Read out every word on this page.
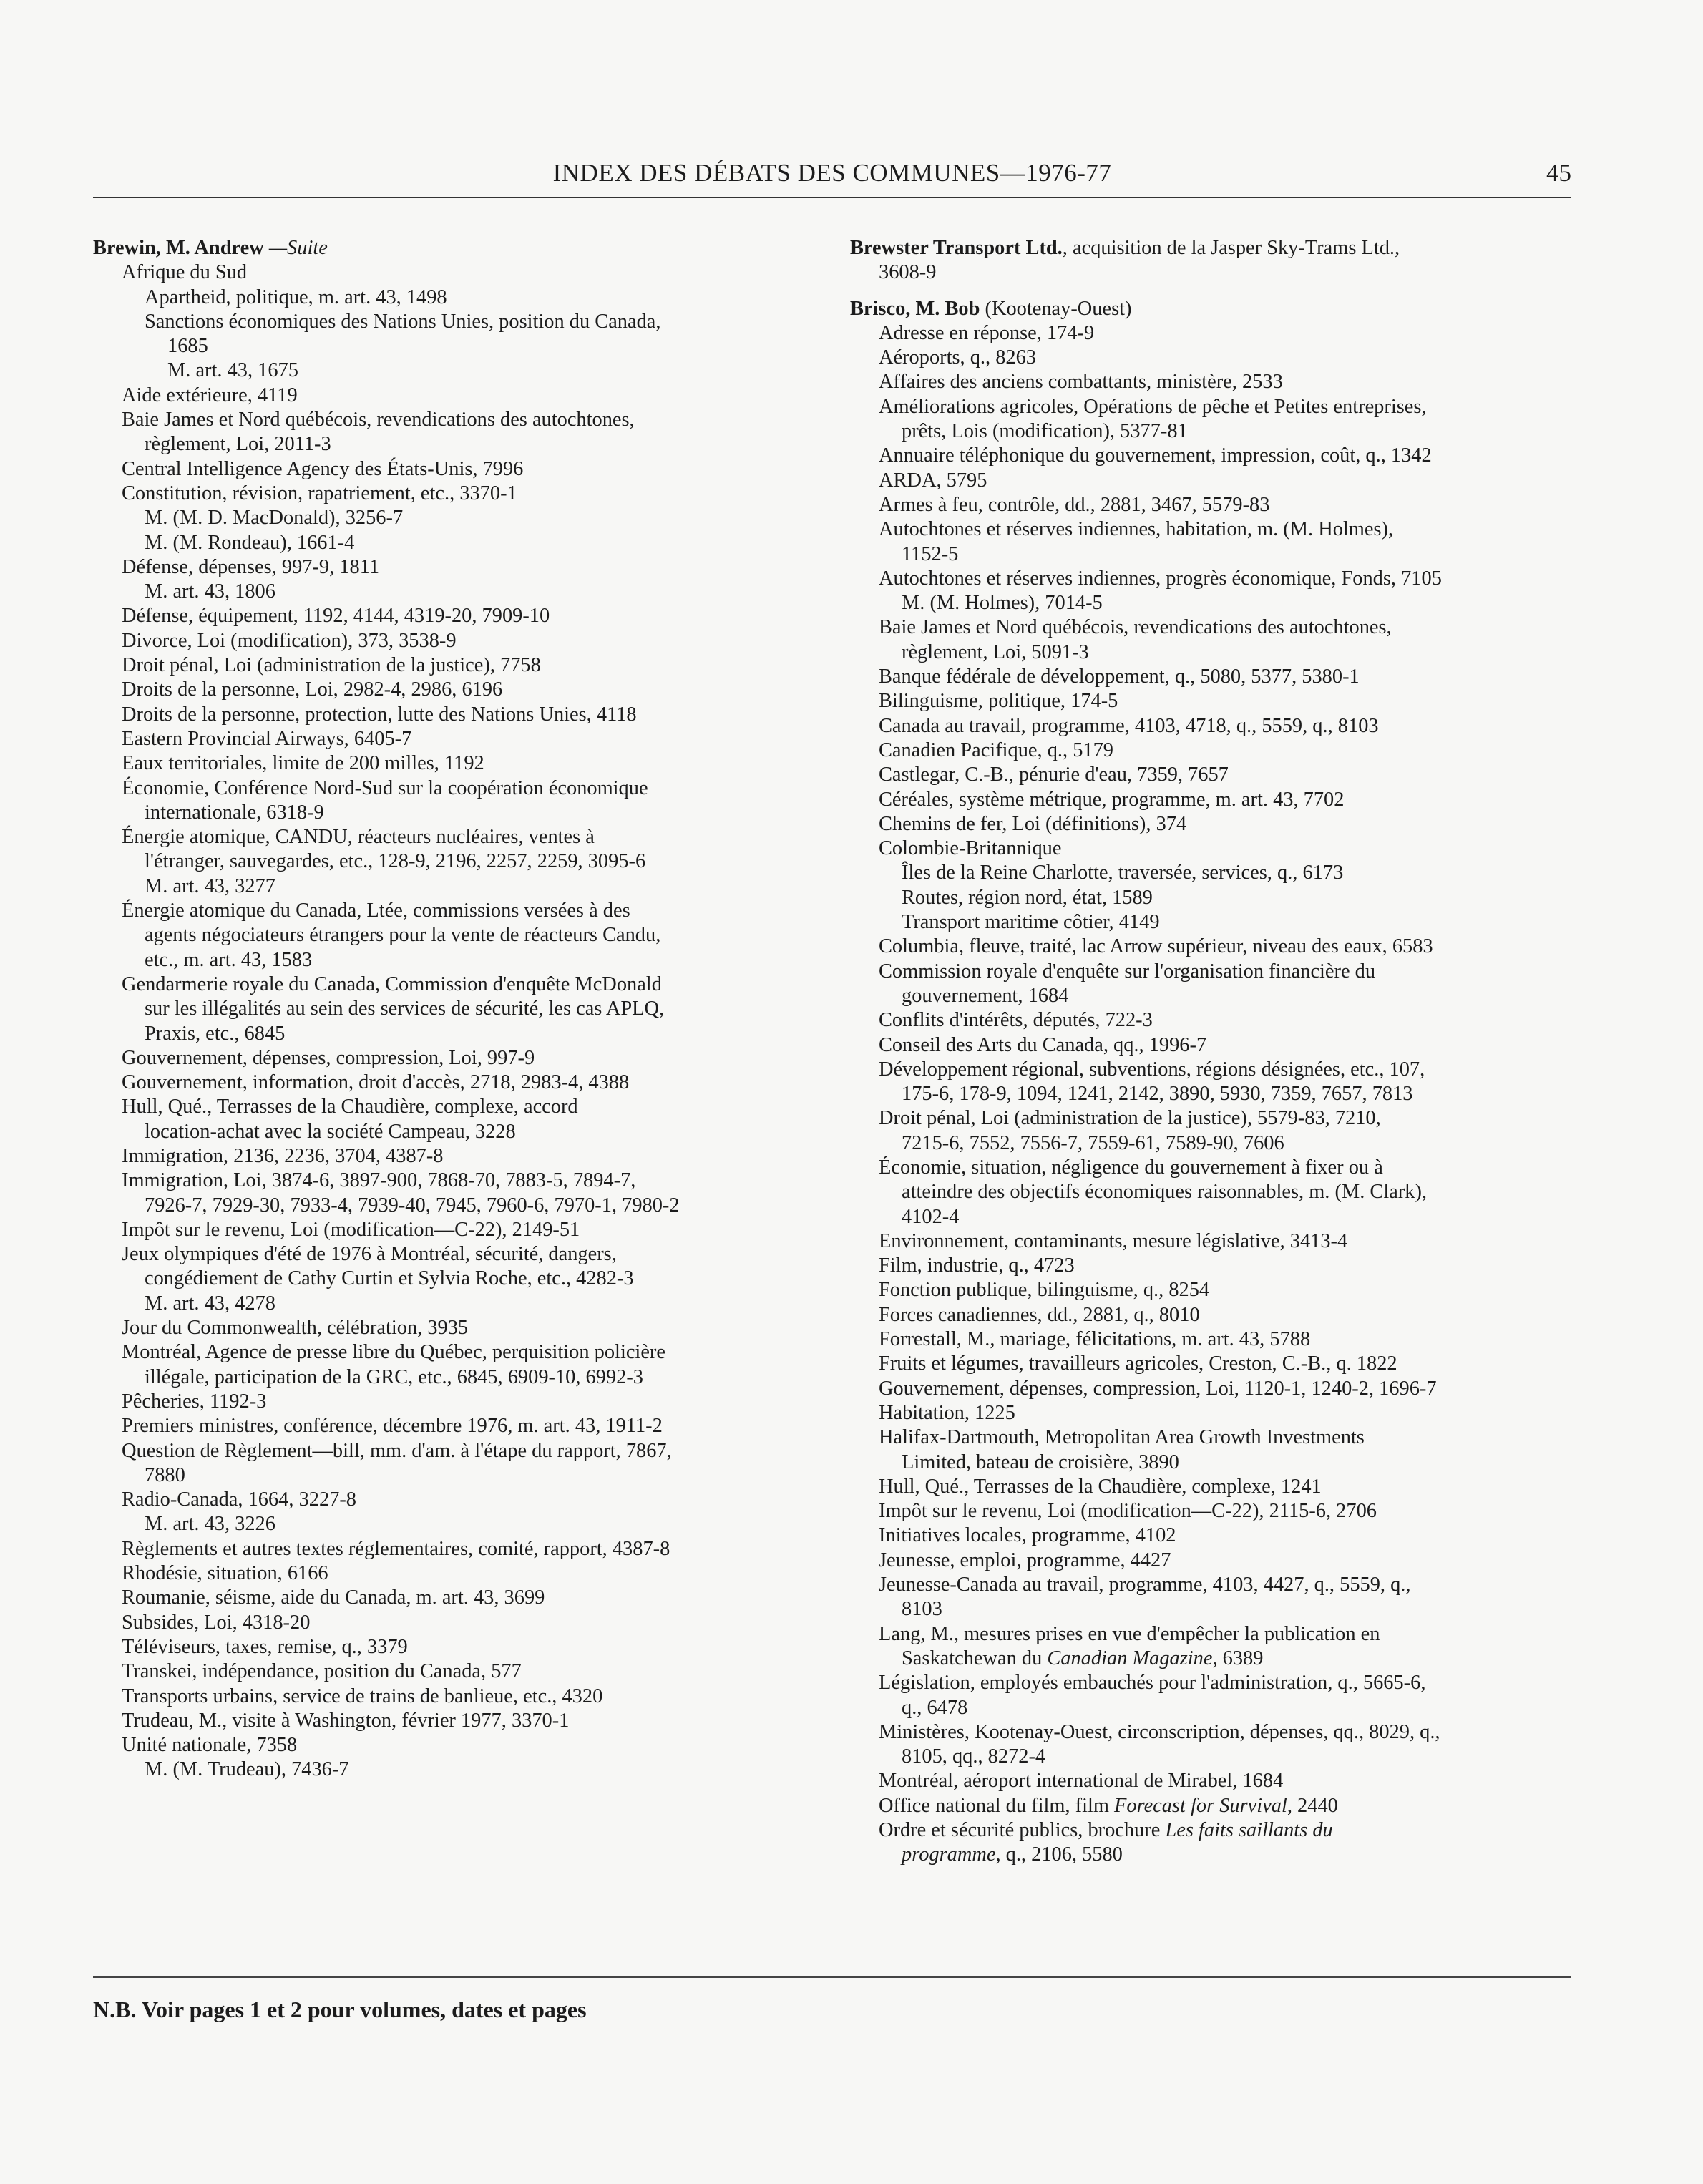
INDEX DES DÉBATS DES COMMUNES—1976-77	45
Brewin, M. Andrew —Suite
Afrique du Sud
Apartheid, politique, m. art. 43, 1498
Sanctions économiques des Nations Unies, position du Canada,
1685
M. art. 43, 1675
Aide extérieure, 4119
Baie James et Nord québécois, revendications des autochtones,
règlement, Loi, 2011-3
Central Intelligence Agency des États-Unis, 7996
Constitution, révision, rapatriement, etc., 3370-1
M. (M. D. MacDonald), 3256-7
M. (M. Rondeau), 1661-4
Défense, dépenses, 997-9, 1811
M. art. 43, 1806
Défense, équipement, 1192, 4144, 4319-20, 7909-10
Divorce, Loi (modification), 373, 3538-9
Droit pénal, Loi (administration de la justice), 7758
Droits de la personne, Loi, 2982-4, 2986, 6196
Droits de la personne, protection, lutte des Nations Unies, 4118
Eastern Provincial Airways, 6405-7
Eaux territoriales, limite de 200 milles, 1192
Économie, Conférence Nord-Sud sur la coopération économique
internationale, 6318-9
Énergie atomique, CANDU, réacteurs nucléaires, ventes à
l'étranger, sauvegardes, etc., 128-9, 2196, 2257, 2259, 3095-6
M. art. 43, 3277
Énergie atomique du Canada, Ltée, commissions versées à des
agents négociateurs étrangers pour la vente de réacteurs Candu,
etc., m. art. 43, 1583
Gendarmerie royale du Canada, Commission d'enquête McDonald
sur les illégalités au sein des services de sécurité, les cas APLQ,
Praxis, etc., 6845
Gouvernement, dépenses, compression, Loi, 997-9
Gouvernement, information, droit d'accès, 2718, 2983-4, 4388
Hull, Qué., Terrasses de la Chaudière, complexe, accord
location-achat avec la société Campeau, 3228
Immigration, 2136, 2236, 3704, 4387-8
Immigration, Loi, 3874-6, 3897-900, 7868-70, 7883-5, 7894-7,
7926-7, 7929-30, 7933-4, 7939-40, 7945, 7960-6, 7970-1, 7980-2
Impôt sur le revenu, Loi (modification—C-22), 2149-51
Jeux olympiques d'été de 1976 à Montréal, sécurité, dangers,
congédiement de Cathy Curtin et Sylvia Roche, etc., 4282-3
M. art. 43, 4278
Jour du Commonwealth, célébration, 3935
Montréal, Agence de presse libre du Québec, perquisition policière
illégale, participation de la GRC, etc., 6845, 6909-10, 6992-3
Pêcheries, 1192-3
Premiers ministres, conférence, décembre 1976, m. art. 43, 1911-2
Question de Règlement—bill, mm. d'am. à l'étape du rapport, 7867,
7880
Radio-Canada, 1664, 3227-8
M. art. 43, 3226
Règlements et autres textes réglementaires, comité, rapport, 4387-8
Rhodésie, situation, 6166
Roumanie, séisme, aide du Canada, m. art. 43, 3699
Subsides, Loi, 4318-20
Téléviseurs, taxes, remise, q., 3379
Transkei, indépendance, position du Canada, 577
Transports urbains, service de trains de banlieue, etc., 4320
Trudeau, M., visite à Washington, février 1977, 3370-1
Unité nationale, 7358
M. (M. Trudeau), 7436-7
Brewster Transport Ltd., acquisition de la Jasper Sky-Trams Ltd.,
3608-9
Brisco, M. Bob (Kootenay-Ouest)
Adresse en réponse, 174-9
Aéroports, q., 8263
Affaires des anciens combattants, ministère, 2533
Améliorations agricoles, Opérations de pêche et Petites entreprises,
prêts, Lois (modification), 5377-81
Annuaire téléphonique du gouvernement, impression, coût, q., 1342
ARDA, 5795
Armes à feu, contrôle, dd., 2881, 3467, 5579-83
Autochtones et réserves indiennes, habitation, m. (M. Holmes),
1152-5
Autochtones et réserves indiennes, progrès économique, Fonds, 7105
M. (M. Holmes), 7014-5
Baie James et Nord québécois, revendications des autochtones,
règlement, Loi, 5091-3
Banque fédérale de développement, q., 5080, 5377, 5380-1
Bilinguisme, politique, 174-5
Canada au travail, programme, 4103, 4718, q., 5559, q., 8103
Canadien Pacifique, q., 5179
Castlegar, C.-B., pénurie d'eau, 7359, 7657
Céréales, système métrique, programme, m. art. 43, 7702
Chemins de fer, Loi (définitions), 374
Colombie-Britannique
Îles de la Reine Charlotte, traversée, services, q., 6173
Routes, région nord, état, 1589
Transport maritime côtier, 4149
Columbia, fleuve, traité, lac Arrow supérieur, niveau des eaux, 6583
Commission royale d'enquête sur l'organisation financière du
gouvernement, 1684
Conflits d'intérêts, députés, 722-3
Conseil des Arts du Canada, qq., 1996-7
Développement régional, subventions, régions désignées, etc., 107,
175-6, 178-9, 1094, 1241, 2142, 3890, 5930, 7359, 7657, 7813
Droit pénal, Loi (administration de la justice), 5579-83, 7210,
7215-6, 7552, 7556-7, 7559-61, 7589-90, 7606
Économie, situation, négligence du gouvernement à fixer ou à
atteindre des objectifs économiques raisonnables, m. (M. Clark),
4102-4
Environnement, contaminants, mesure législative, 3413-4
Film, industrie, q., 4723
Fonction publique, bilinguisme, q., 8254
Forces canadiennes, dd., 2881, q., 8010
Forrestall, M., mariage, félicitations, m. art. 43, 5788
Fruits et légumes, travailleurs agricoles, Creston, C.-B., q. 1822
Gouvernement, dépenses, compression, Loi, 1120-1, 1240-2, 1696-7
Habitation, 1225
Halifax-Dartmouth, Metropolitan Area Growth Investments
Limited, bateau de croisière, 3890
Hull, Qué., Terrasses de la Chaudière, complexe, 1241
Impôt sur le revenu, Loi (modification—C-22), 2115-6, 2706
Initiatives locales, programme, 4102
Jeunesse, emploi, programme, 4427
Jeunesse-Canada au travail, programme, 4103, 4427, q., 5559, q.,
8103
Lang, M., mesures prises en vue d'empêcher la publication en
Saskatchewan du Canadian Magazine, 6389
Législation, employés embauchés pour l'administration, q., 5665-6,
q., 6478
Ministères, Kootenay-Ouest, circonscription, dépenses, qq., 8029, q.,
8105, qq., 8272-4
Montréal, aéroport international de Mirabel, 1684
Office national du film, film Forecast for Survival, 2440
Ordre et sécurité publics, brochure Les faits saillants du
programme, q., 2106, 5580
N.B. Voir pages 1 et 2 pour volumes, dates et pages
